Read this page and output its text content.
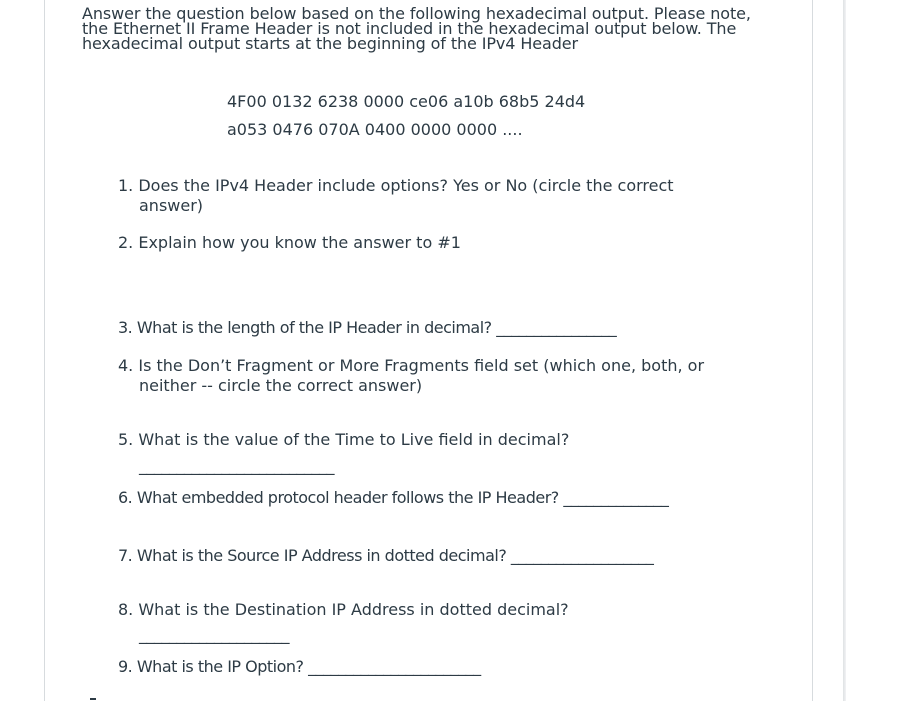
Answer the question below based on the following hexadecimal output. Please note, the Ethernet II Frame Header is not included in the hexadecimal output below. The hexadecimal output starts at the beginning of the IPv4 Header
4F00 0132 6238 0000 ce06 a10b 68b5 24d4
a053 0476 070A 0400 0000 0000 ....
1. Does the IPv4 Header include options? Yes or No (circle the correct
answer)
2. Explain how you know the answer to #1
3. What is the length of the IP Header in decimal? ________________
4. Is the Don’t Fragment or More Fragments field set (which one, both, or
neither -- circle the correct answer)
5. What is the value of the Time to Live field in decimal?
__________________________
6. What embedded protocol header follows the IP Header? ______________
7. What is the Source IP Address in dotted decimal? ___________________
8. What is the Destination IP Address in dotted decimal?
____________________
9. What is the IP Option? _______________________
